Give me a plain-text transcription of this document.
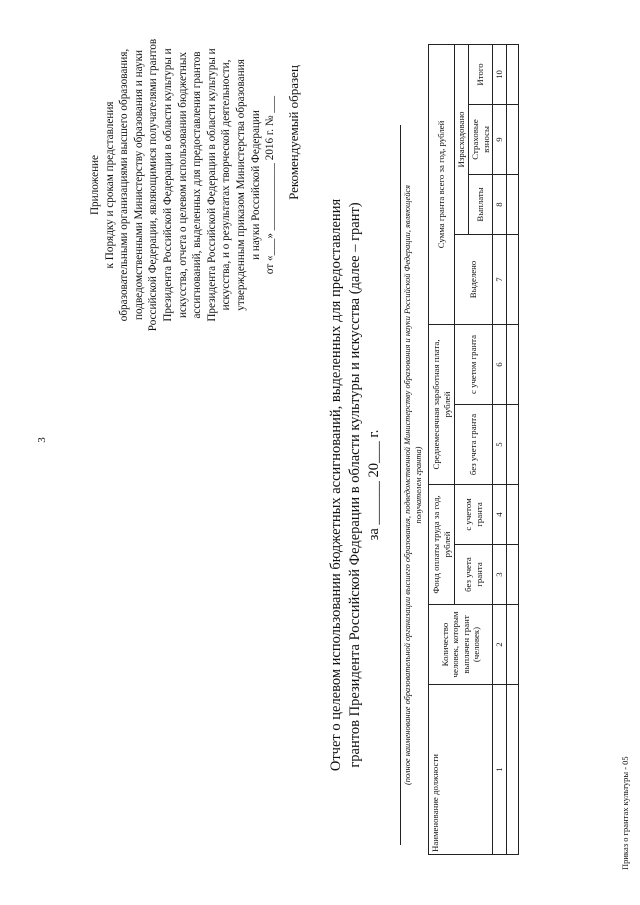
3
Приложение к Порядку и срокам представления образовательными организациями высшего образования, подведомственными Министерству образования и науки Российской Федерации, являющимися получателями грантов Президента Российской Федерации в области культуры и искусства, отчета о целевом использовании бюджетных ассигнований, выделенных для предоставления грантов Президента Российской Федерации в области культуры и искусства, и о результатах творческой деятельности, утвержденным приказом Министерства образования и науки Российской Федерации от «___» ____________ 2016 г. № ___ Рекомендуемый образец
Отчет о целевом использовании бюджетных ассигнований, выделенных для предоставления грантов Президента Российской Федерации в области культуры и искусства (далее – грант) за ______ 20___ г.	(полное наименование образовательной организации высшего образования, подведомственной Министерству образования и науки Российской Федерации, являющейся получателем гранта)
Наименование должности	Количество человек, которым выплачен грант (человек)	Фонд оплаты труда за год, рублей		Среднемесячная заработная плата, рублей		Сумма гранта всего за год, рублей			
		без учета гранта	с учетом гранта	без учета гранта	с учетом гранта	Выделено	Израсходовано		
							Выплаты	Страховые взносы	Итого
1	2	3	4	5	6	7	8	9	10

Приказ о грантах культуры - 05
